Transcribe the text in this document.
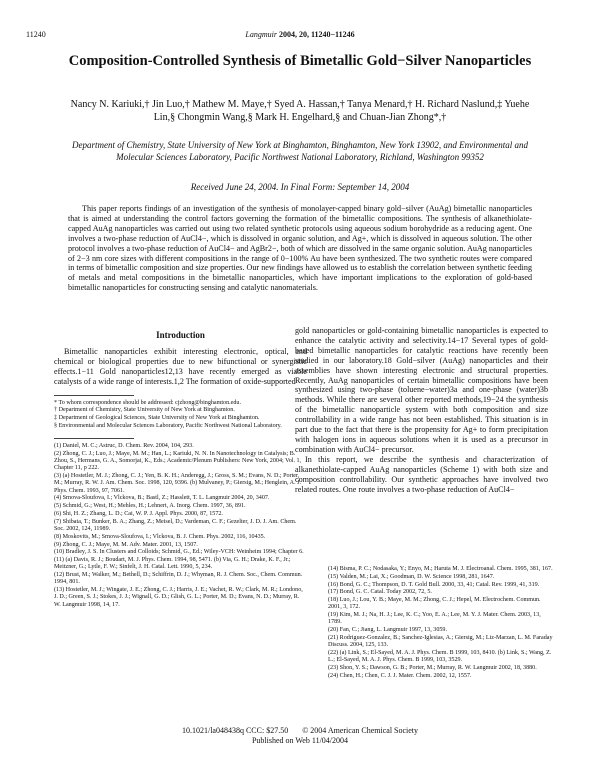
11240	Langmuir 2004, 20, 11240−11246
Composition-Controlled Synthesis of Bimetallic Gold−Silver Nanoparticles
Nancy N. Kariuki,† Jin Luo,† Mathew M. Maye,† Syed A. Hassan,† Tanya Menard,† H. Richard Naslund,‡ Yuehe Lin,§ Chongmin Wang,§ Mark H. Engelhard,§ and Chuan-Jian Zhong*,†
Department of Chemistry, State University of New York at Binghamton, Binghamton, New York 13902, and Environmental and Molecular Sciences Laboratory, Pacific Northwest National Laboratory, Richland, Washington 99352
Received June 24, 2004. In Final Form: September 14, 2004

This paper reports findings of an investigation of the synthesis of monolayer-capped binary gold−silver (AuAg) bimetallic nanoparticles that is aimed at understanding the control factors governing the formation of the bimetallic compositions. The synthesis of alkanethiolate-capped AuAg nanoparticles was carried out using two related synthetic protocols using aqueous sodium borohydride as a reducing agent. One involves a two-phase reduction of AuCl4−, which is dissolved in organic solution, and Ag+, which is dissolved in aqueous solution. The other protocol involves a two-phase reduction of AuCl4− and AgBr2−, both of which are dissolved in the same organic solution. AuAg nanoparticles of 2−3 nm core sizes with different compositions in the range of 0−100% Au have been synthesized. The two synthetic routes were compared in terms of bimetallic composition and size properties. Our new findings have allowed us to establish the correlation between synthetic feeding of metals and metal compositions in the bimetallic nanoparticles, which have important implications to the exploration of gold-based bimetallic nanoparticles for constructing sensing and catalytic nanomaterials.

Introduction

Bimetallic nanoparticles exhibit interesting electronic, optical, and chemical or biological properties due to new bifunctional or synergistic effects.1−11 Gold nanoparticles12,13 have recently emerged as viable catalysts of a wide range of interests.1,2 The formation of oxide-supported

* To whom correspondence should be addressed: cjzhong@binghamton.edu.
† Department of Chemistry, State University of New York at Binghamton.
‡ Department of Geological Sciences, State University of New York at Binghamton.
§ Environmental and Molecular Sciences Laboratory, Pacific Northwest National Laboratory.
(1) Daniel, M. C.; Astruc, D. Chem. Rev. 2004, 104, 293.
(2) Zhong, C. J.; Luo, J.; Maye, M. M.; Han, L.; Kariuki, N. N. In Nanotechnology in Catalysis; B. Zhou, S., Hermans, G. A., Somorjai, K., Eds.; Academic/Plenum Publishers: New York, 2004; Vol. 1, Chapter 11, p 222.
(3) (a) Hostetler, M. J.; Zhong, C. J.; Yen, B. K. H.; Anderegg, J.; Gross, S. M.; Evans, N. D.; Porter, M.; Murray, R. W. J. Am. Chem. Soc. 1998, 120, 9396. (b) Mulvaney, P.; Giersig, M.; Henglein, A. J. Phys. Chem. 1993, 97, 7061.
(4) Srnova-Sloufova, I.; Vlckova, B.; Bastl, Z.; Hasslett, T. L. Langmuir 2004, 20, 3407.
(5) Schmid, G.; West, H.; Mehles, H.; Lehnert, A. Inorg. Chem. 1997, 36, 891.
(6) Shi, H. Z.; Zhang, L. D.; Cai, W. P. J. Appl. Phys. 2000, 87, 1572.
(7) Shibata, T.; Bunker, B. A.; Zhang, Z.; Meisel, D.; Vardeman, C. F.; Gezelter, J. D. J. Am. Chem. Soc. 2002, 124, 11989.
(8) Moskovits, M.; Srnova-Sloufova, I.; Vlckova, B. J. Chem. Phys. 2002, 116, 10435.
(9) Zhong, C. J.; Maye, M. M. Adv. Mater. 2001, 13, 1507.
(10) Bradley, J. S. In Clusters and Colloids; Schmid, G., Ed.; Wiley-VCH: Weinheim 1994; Chapter 6.
(11) (a) Davis, R. J.; Boudart, M. J. Phys. Chem. 1994, 98, 5471. (b) Via, G. H.; Drake, K. F., Jr.; Meitzner, G.; Lytle, F. W.; Sinfelt, J. H. Catal. Lett. 1990, 5, 234.
(12) Brust, M.; Walker, M.; Bethell, D.; Schiffrin, D. J.; Whyman, R. J. Chem. Soc., Chem. Commun. 1994, 801.
(13) Hostetler, M. J.; Wingate, J. E.; Zhong, C. J.; Harris, J. E.; Vachet, R. W.; Clark, M. R.; Londono, J. D.; Green, S. J.; Stokes, J. J.; Wignall, G. D.; Glish, G. L.; Porter, M. D.; Evans, N. D.; Murray, R. W. Langmuir 1998, 14, 17.

gold nanoparticles or gold-containing bimetallic nanoparticles is expected to enhance the catalytic activity and selectivity.14−17 Several types of gold-based bimetallic nanoparticles for catalytic reactions have recently been studied in our laboratory.18 Gold−silver (AuAg) nanoparticles and their assemblies have shown interesting electronic and structural properties. Recently, AuAg nanoparticles of certain bimetallic compositions have been synthesized using two-phase (toluene−water)3a and one-phase (water)3b methods. While there are several other reported methods,19−24 the synthesis of the bimetallic nanoparticle system with both composition and size controllability in a wide range has not been established. This situation is in part due to the fact that there is the propensity for Ag+ to form precipitation with halogen ions in aqueous solutions when it is used as a precursor in combination with AuCl4− precursor.

In this report, we describe the synthesis and characterization of alkanethiolate-capped AuAg nanoparticles (Scheme 1) with both size and composition controllability. Our synthetic approaches have involved two related routes. One route involves a two-phase reduction of AuCl4−

(14) Bisma, P. C.; Nodasaka, Y.; Enyo, M.; Haruta M. J. Electroanal. Chem. 1995, 381, 167.
(15) Valden, M.; Lai, X.; Goodman, D. W. Science 1998, 281, 1647.
(16) Bond, G. C.; Thompson, D. T. Gold Bull. 2000, 33, 41; Catal. Rev. 1999, 41, 319.
(17) Bond, G. C. Catal. Today 2002, 72, 5.
(18) Luo, J.; Lou, Y. B.; Maye, M. M.; Zhong, C. J.; Hepel, M. Electrochem. Commun. 2001, 3, 172.
(19) Kim, M. J.; Na, H. J.; Lee, K. C.; Yoo, E. A.; Lee, M. Y. J. Mater. Chem. 2003, 13, 1789.
(20) Fan, C.; Jiang, L. Langmuir 1997, 13, 3059.
(21) Rodriguez-Gonzalez, B.; Sanchez-Iglesias, A.; Giersig, M.; Liz-Marzan, L. M. Faraday Discuss. 2004, 125, 133.
(22) (a) Link, S.; El-Sayed, M. A. J. Phys. Chem. B 1999, 103, 8410. (b) Link, S.; Wang, Z. L.; El-Sayed, M. A. J. Phys. Chem. B 1999, 103, 3529.
(23) Shon, Y. S.; Dawson, G. B.; Porter, M.; Murray, R. W. Langmuir 2002, 18, 3880.
(24) Chen, H.; Chen, C. J. J. Mater. Chem. 2002, 12, 1557.
10.1021/la048438q CCC: $27.50 © 2004 American Chemical Society
Published on Web 11/04/2004
